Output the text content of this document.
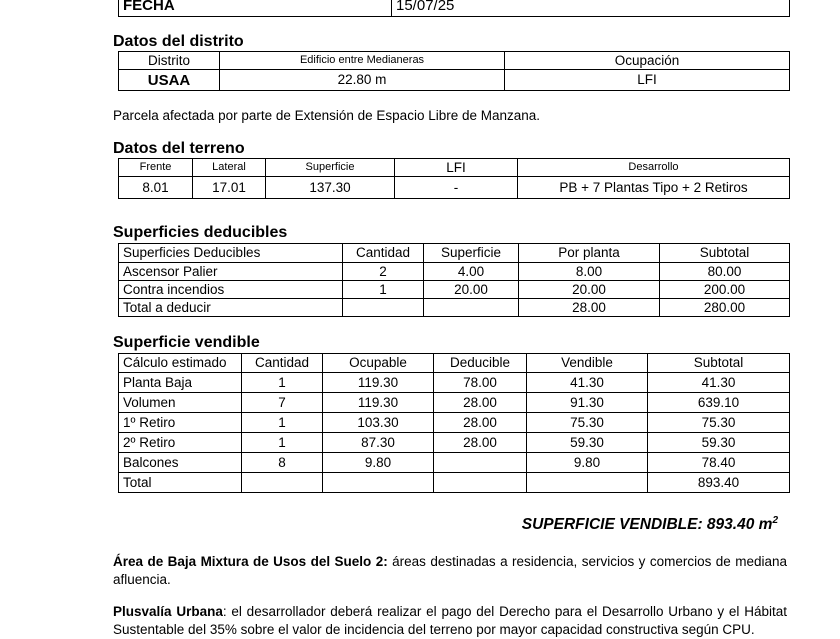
FECHA	15/07/25
Datos del distrito
Distrito	Edificio entre Medianeras	Ocupación
USAA	22.80 m	LFI
Parcela afectada por parte de Extensión de Espacio Libre de Manzana.
Datos del terreno
Frente	Lateral	Superficie	LFI	Desarrollo
8.01	17.01	137.30	-	PB + 7 Plantas Tipo + 2 Retiros
Superficies deducibles
Superficies Deducibles	Cantidad	Superficie	Por planta	Subtotal
Ascensor Palier	2	4.00	8.00	80.00
Contra incendios	1	20.00	20.00	200.00
Total a deducir			28.00	280.00
Superficie vendible
Cálculo estimado	Cantidad	Ocupable	Deducible	Vendible	Subtotal
Planta Baja	1	119.30	78.00	41.30	41.30
Volumen	7	119.30	28.00	91.30	639.10
1º Retiro	1	103.30	28.00	75.30	75.30
2º Retiro	1	87.30	28.00	59.30	59.30
Balcones	8	9.80		9.80	78.40
Total					893.40
SUPERFICIE VENDIBLE: 893.40 $m^2$
Área de Baja Mixtura de Usos del Suelo 2: áreas destinadas a residencia, servicios y comercios de mediana afluencia.
Plusvalía Urbana: el desarrollador deberá realizar el pago del Derecho para el Desarrollo Urbano y el Hábitat Sustentable del 35% sobre el valor de incidencia del terreno por mayor capacidad constructiva según CPU.
